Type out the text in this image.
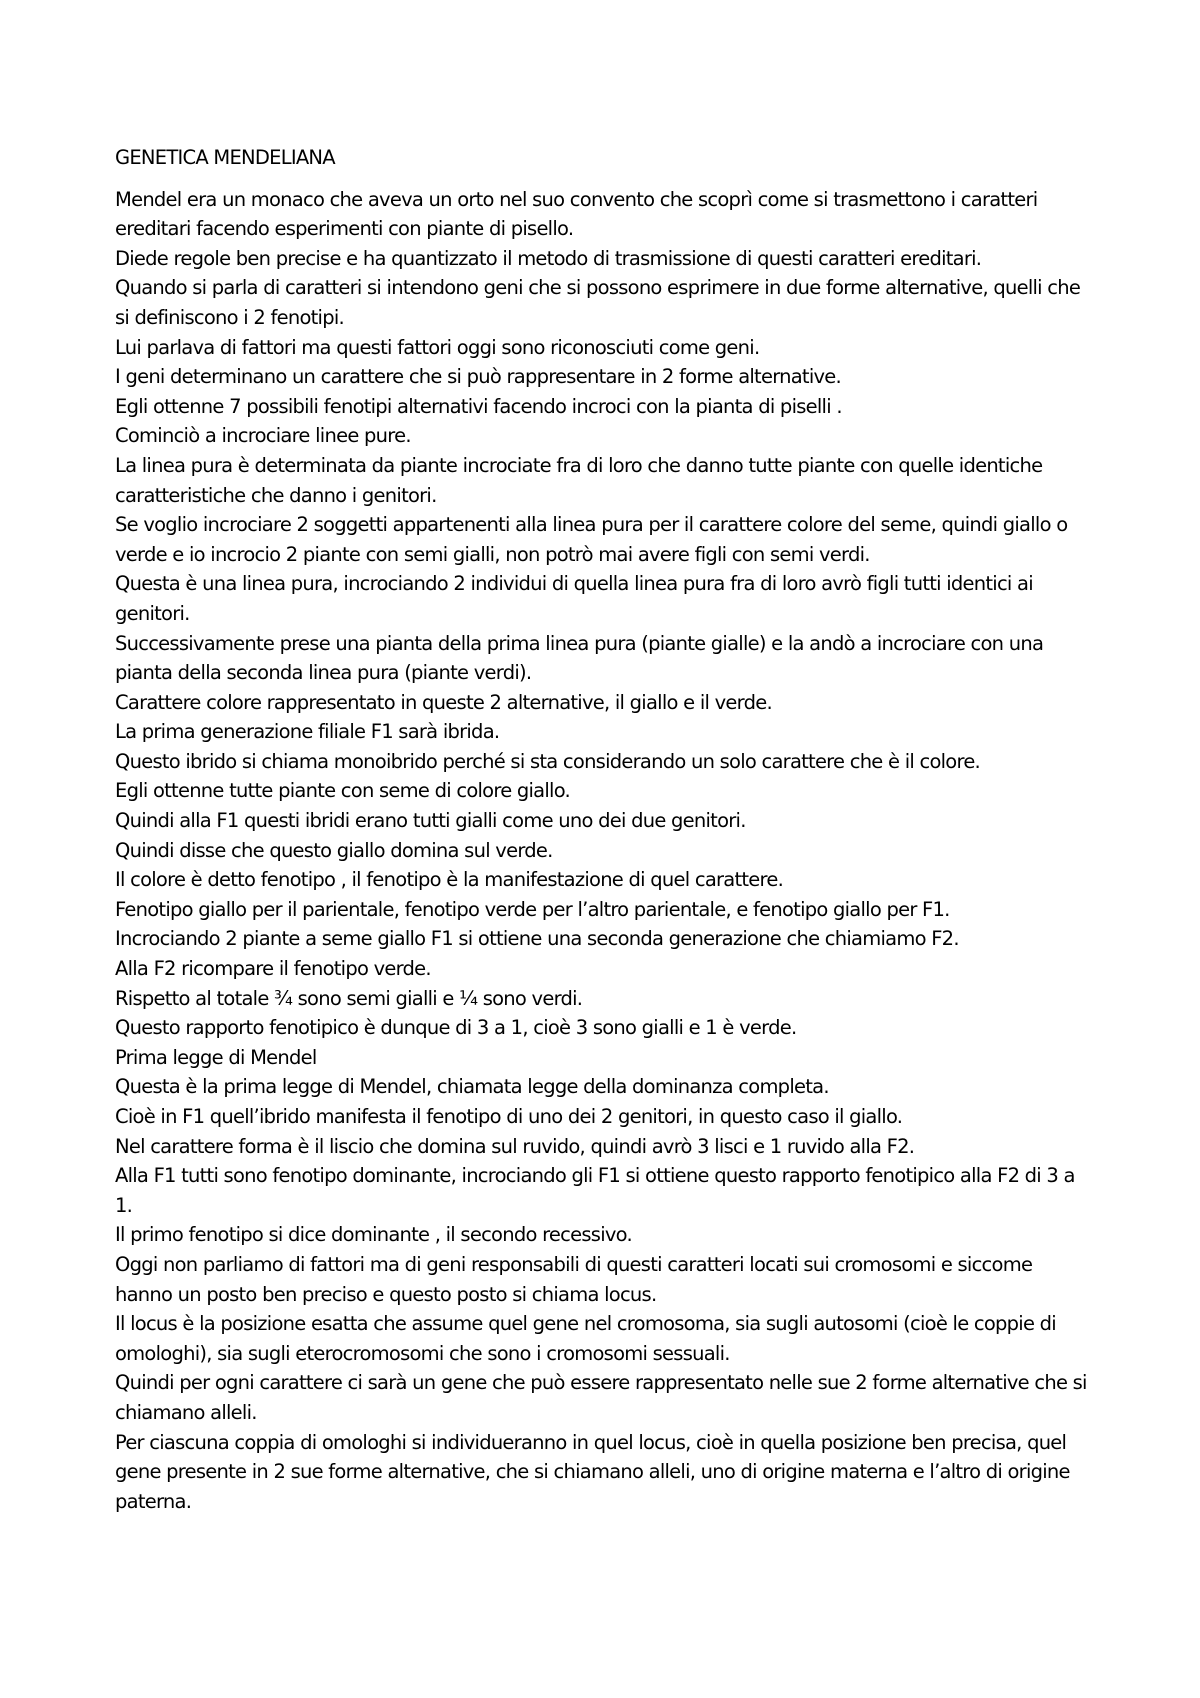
GENETICA MENDELIANA

Mendel era un monaco che aveva un orto nel suo convento che scoprì come si trasmettono i caratteri ereditari facendo esperimenti con piante di pisello.

Diede regole ben precise e ha quantizzato il metodo di trasmissione di questi caratteri ereditari.

Quando si parla di caratteri si intendono geni che si possono esprimere in due forme alternative, quelli che si definiscono i 2 fenotipi.

Lui parlava di fattori ma questi fattori oggi sono riconosciuti come geni.

I geni determinano un carattere che si può rappresentare in 2 forme alternative.

Egli ottenne 7 possibili fenotipi alternativi facendo incroci con la pianta di piselli .

Cominciò a incrociare linee pure.

La linea pura è determinata da piante incrociate fra di loro che danno tutte piante con quelle identiche caratteristiche che danno i genitori.

Se voglio incrociare 2 soggetti appartenenti alla linea pura per il carattere colore del seme, quindi giallo o verde e io incrocio 2 piante con semi gialli, non potrò mai avere figli con semi verdi.

Questa è una linea pura, incrociando 2 individui di quella linea pura fra di loro avrò figli tutti identici ai genitori.

Successivamente prese una pianta della prima linea pura (piante gialle) e la andò a incrociare con una pianta della seconda linea pura (piante verdi).

Carattere colore rappresentato in queste 2 alternative, il giallo e il verde.

La prima generazione filiale F1 sarà ibrida.

Questo ibrido si chiama monoibrido perché si sta considerando un solo carattere che è il colore.

Egli ottenne tutte piante con seme di colore giallo.

Quindi alla F1 questi ibridi erano tutti gialli come uno dei due genitori.

Quindi disse che questo giallo domina sul verde.

Il colore è detto fenotipo , il fenotipo è la manifestazione di quel carattere.

Fenotipo giallo per il parientale, fenotipo verde per l’altro parientale, e fenotipo giallo per F1.

Incrociando 2 piante a seme giallo F1 si ottiene una seconda generazione che chiamiamo F2.

Alla F2 ricompare il fenotipo verde.

Rispetto al totale ¾ sono semi gialli e ¼ sono verdi.

Questo rapporto fenotipico è dunque di 3 a 1, cioè 3 sono gialli e 1 è verde.

Prima legge di Mendel

Questa è la prima legge di Mendel, chiamata legge della dominanza completa.

Cioè in F1 quell’ibrido manifesta il fenotipo di uno dei 2 genitori, in questo caso il giallo.

Nel carattere forma è il liscio che domina sul ruvido, quindi avrò 3 lisci e 1 ruvido alla F2.

Alla F1 tutti sono fenotipo dominante, incrociando gli F1 si ottiene questo rapporto fenotipico alla F2 di 3 a 1.

Il primo fenotipo si dice dominante , il secondo recessivo.

Oggi non parliamo di fattori ma di geni responsabili di questi caratteri locati sui cromosomi e siccome hanno un posto ben preciso e questo posto si chiama locus.

Il locus è la posizione esatta che assume quel gene nel cromosoma, sia sugli autosomi (cioè le coppie di omologhi), sia sugli eterocromosomi che sono i cromosomi sessuali.

Quindi per ogni carattere ci sarà un gene che può essere rappresentato nelle sue 2 forme alternative che si chiamano alleli.

Per ciascuna coppia di omologhi si individueranno in quel locus, cioè in quella posizione ben precisa, quel gene presente in 2 sue forme alternative, che si chiamano alleli, uno di origine materna e l’altro di origine paterna.
